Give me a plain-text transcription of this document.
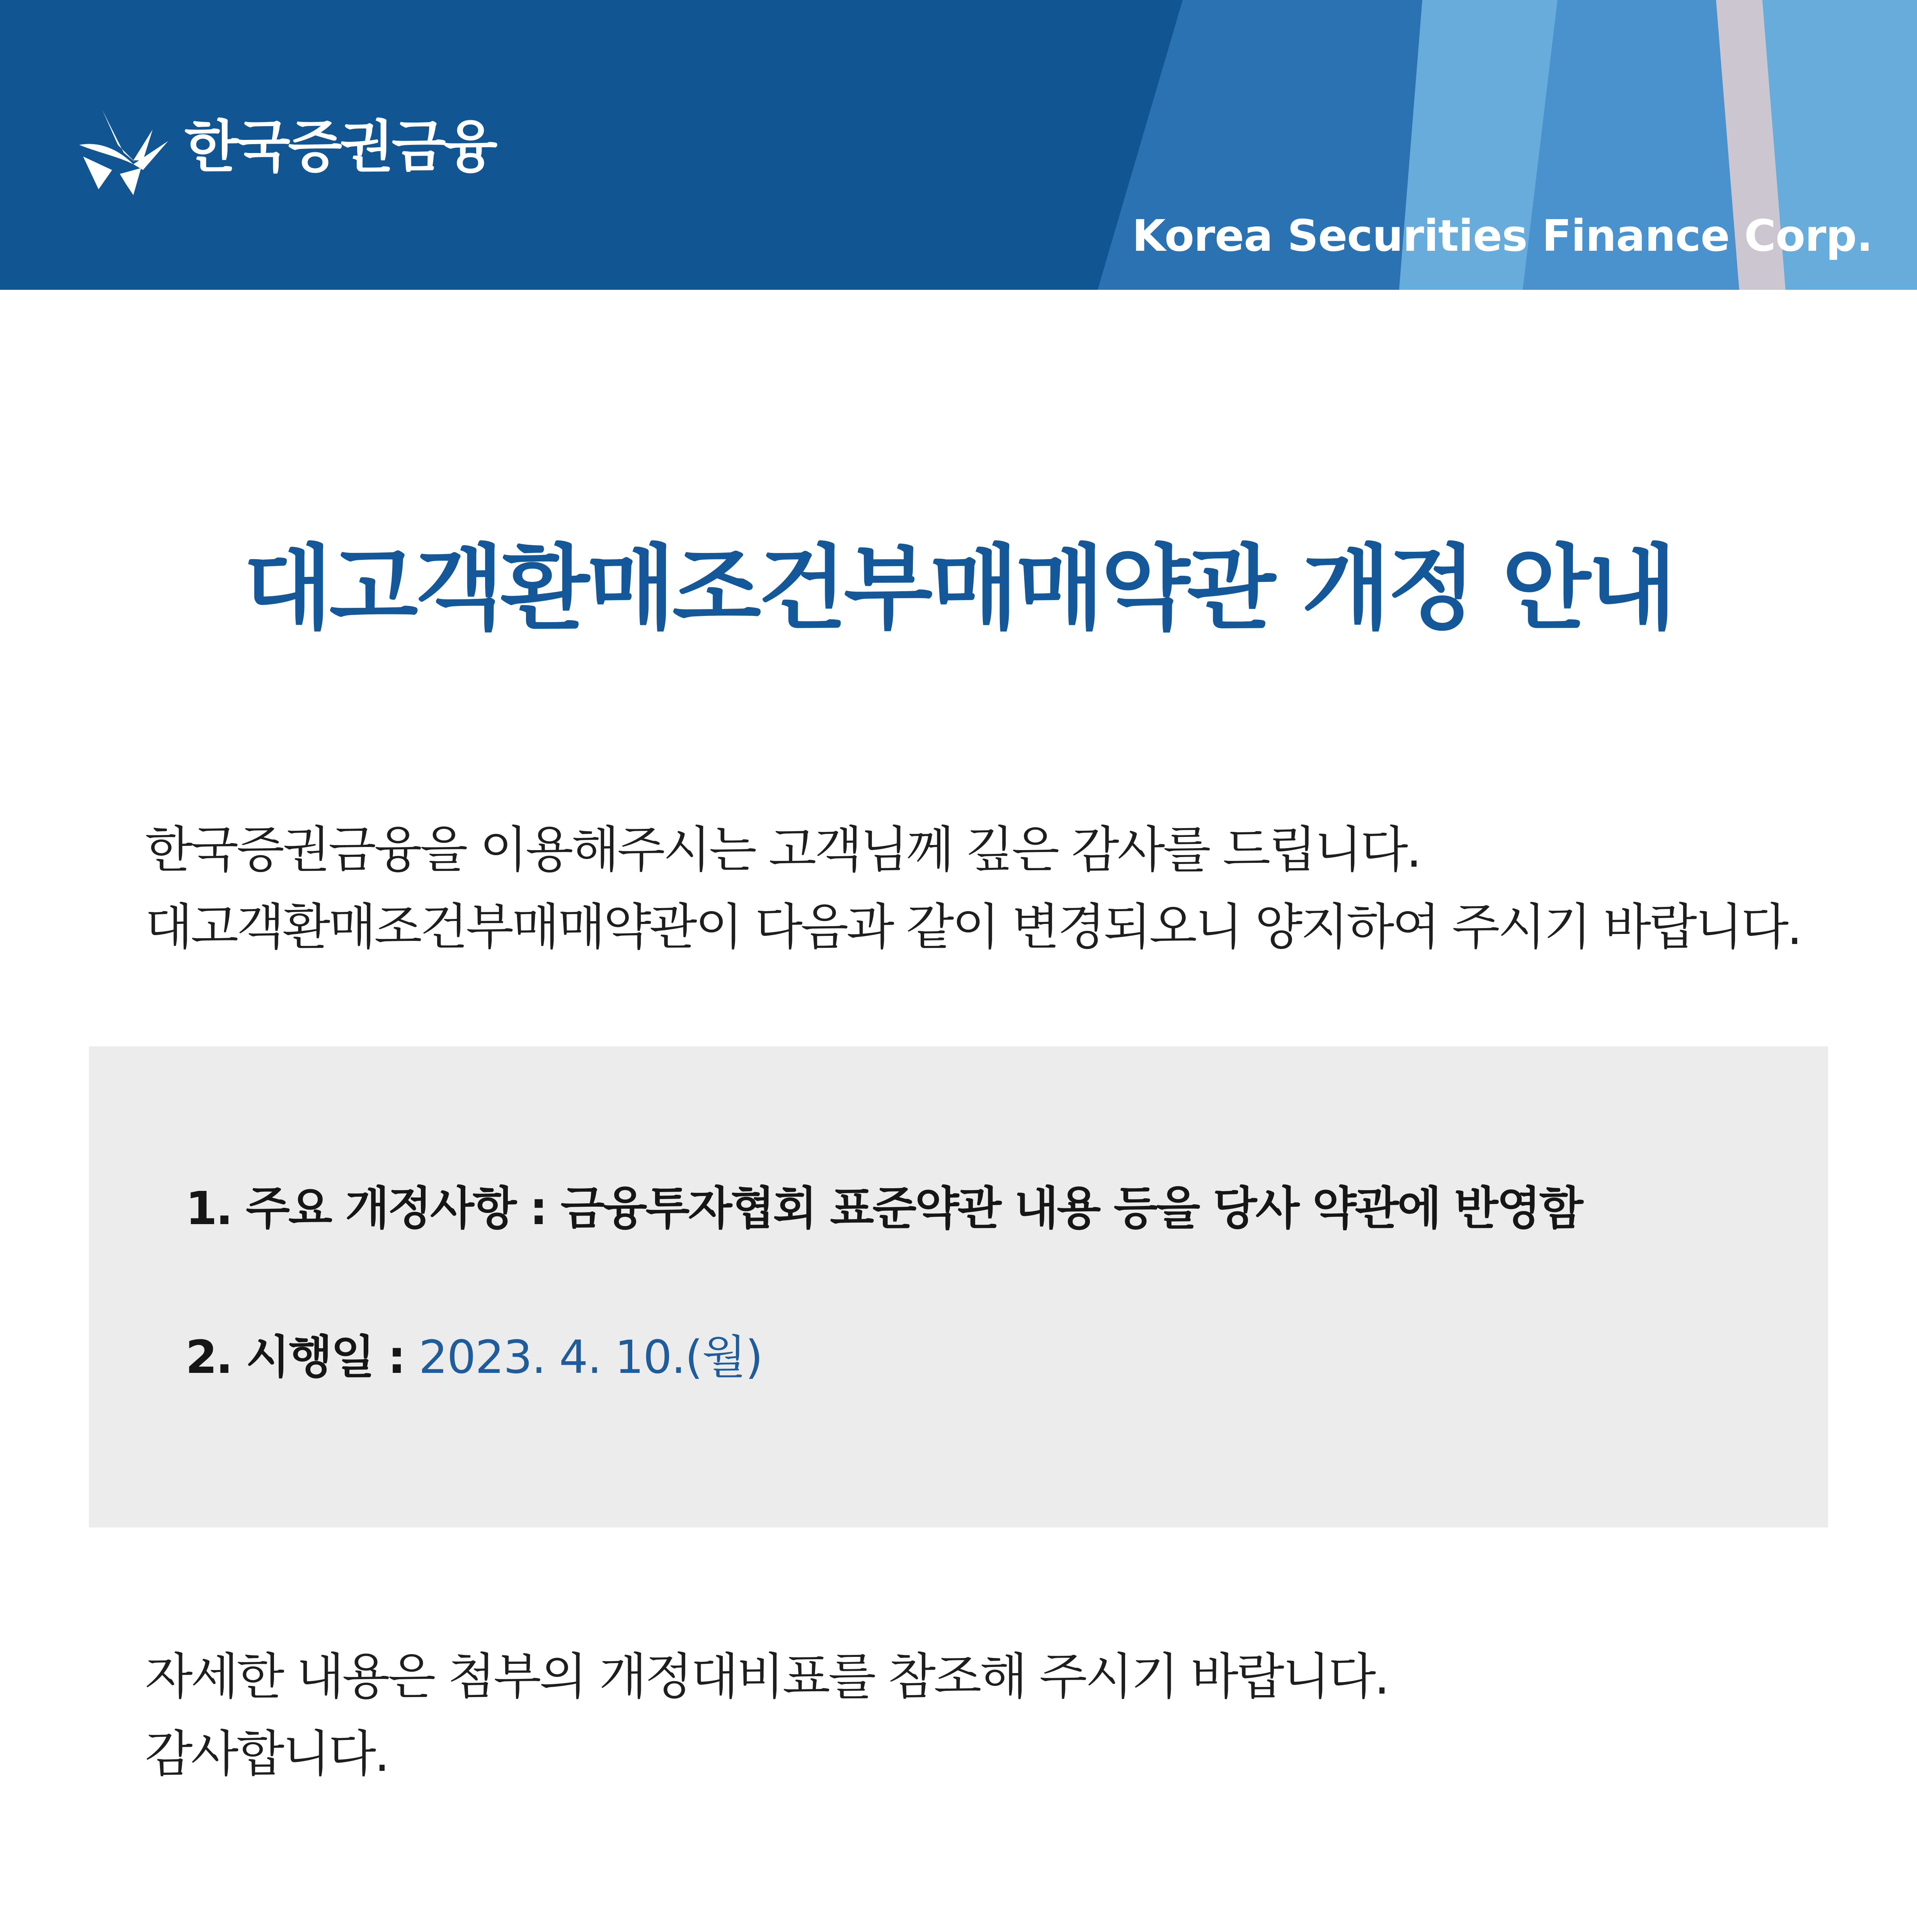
한국증권금융
Korea Securities Finance Corp.
대고객환매조건부매매약관 개정 안내
한국증권금융을 이용해주시는 고객님께 깊은 감사를 드립니다.
대고객환매조건부매매약관이 다음과 같이 변경되오니 양지하여 주시기 바랍니다.
1. 주요 개정사항 : 금융투자협회 표준약관 내용 등을 당사 약관에 반영함
2. 시행일 : 2023. 4. 10.(월)
자세한 내용은 첨부의 개정대비표를 참조해 주시기 바랍니다.
감사합니다.
